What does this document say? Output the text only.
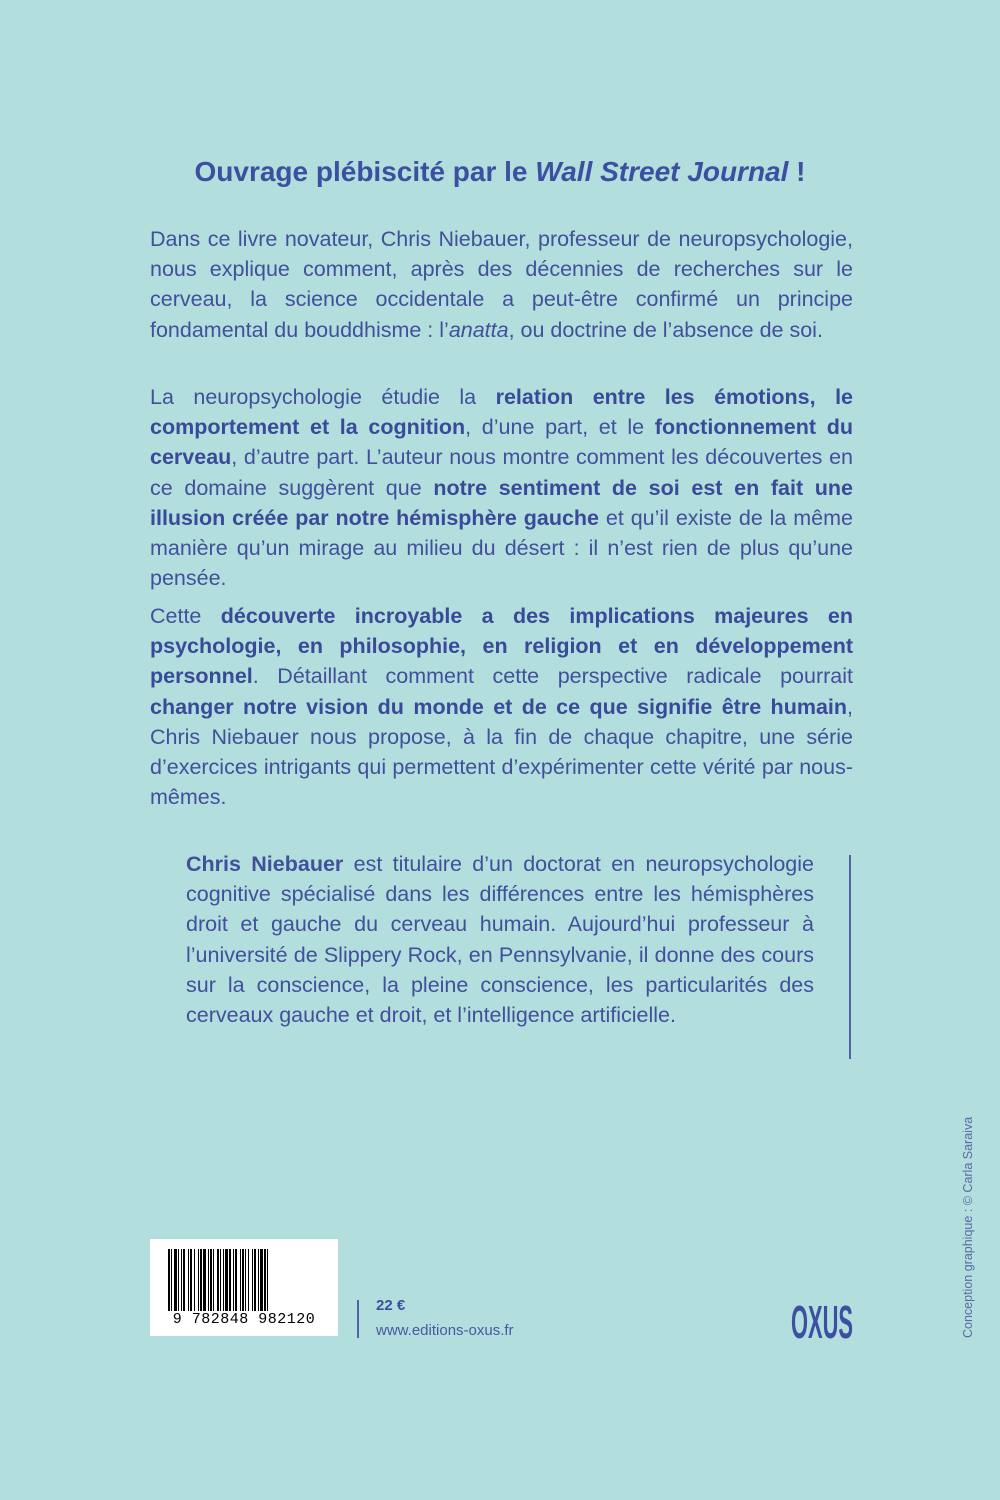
Ouvrage plébiscité par le Wall Street Journal !

Dans ce livre novateur, Chris Niebauer, professeur de neuropsychologie, nous explique comment, après des décennies de recherches sur le cerveau, la science occidentale a peut-être confirmé un principe fondamental du bouddhisme : l’anatta, ou doctrine de l’absence de soi.

La neuropsychologie étudie la relation entre les émotions, le comportement et la cognition, d’une part, et le fonctionnement du cerveau, d’autre part. L’auteur nous montre comment les découvertes en ce domaine suggèrent que notre sentiment de soi est en fait une illusion créée par notre hémisphère gauche et qu’il existe de la même manière qu’un mirage au milieu du désert : il n’est rien de plus qu’une pensée.

Cette découverte incroyable a des implications majeures en psychologie, en philosophie, en religion et en développement personnel. Détaillant comment cette perspective radicale pourrait changer notre vision du monde et de ce que signifie être humain, Chris Niebauer nous propose, à la fin de chaque chapitre, une série d’exercices intrigants qui permettent d’expérimenter cette vérité par nous-mêmes.

Chris Niebauer est titulaire d’un doctorat en neuropsychologie cognitive spécialisé dans les différences entre les hémisphères droit et gauche du cerveau humain. Aujourd’hui professeur à l’université de Slippery Rock, en Pennsylvanie, il donne des cours sur la conscience, la pleine conscience, les particularités des cerveaux gauche et droit, et l’intelligence artificielle.

9 782848 982120
22 €
www.editions-oxus.fr	OXUS	Conception graphique : © Carla Saraiva
